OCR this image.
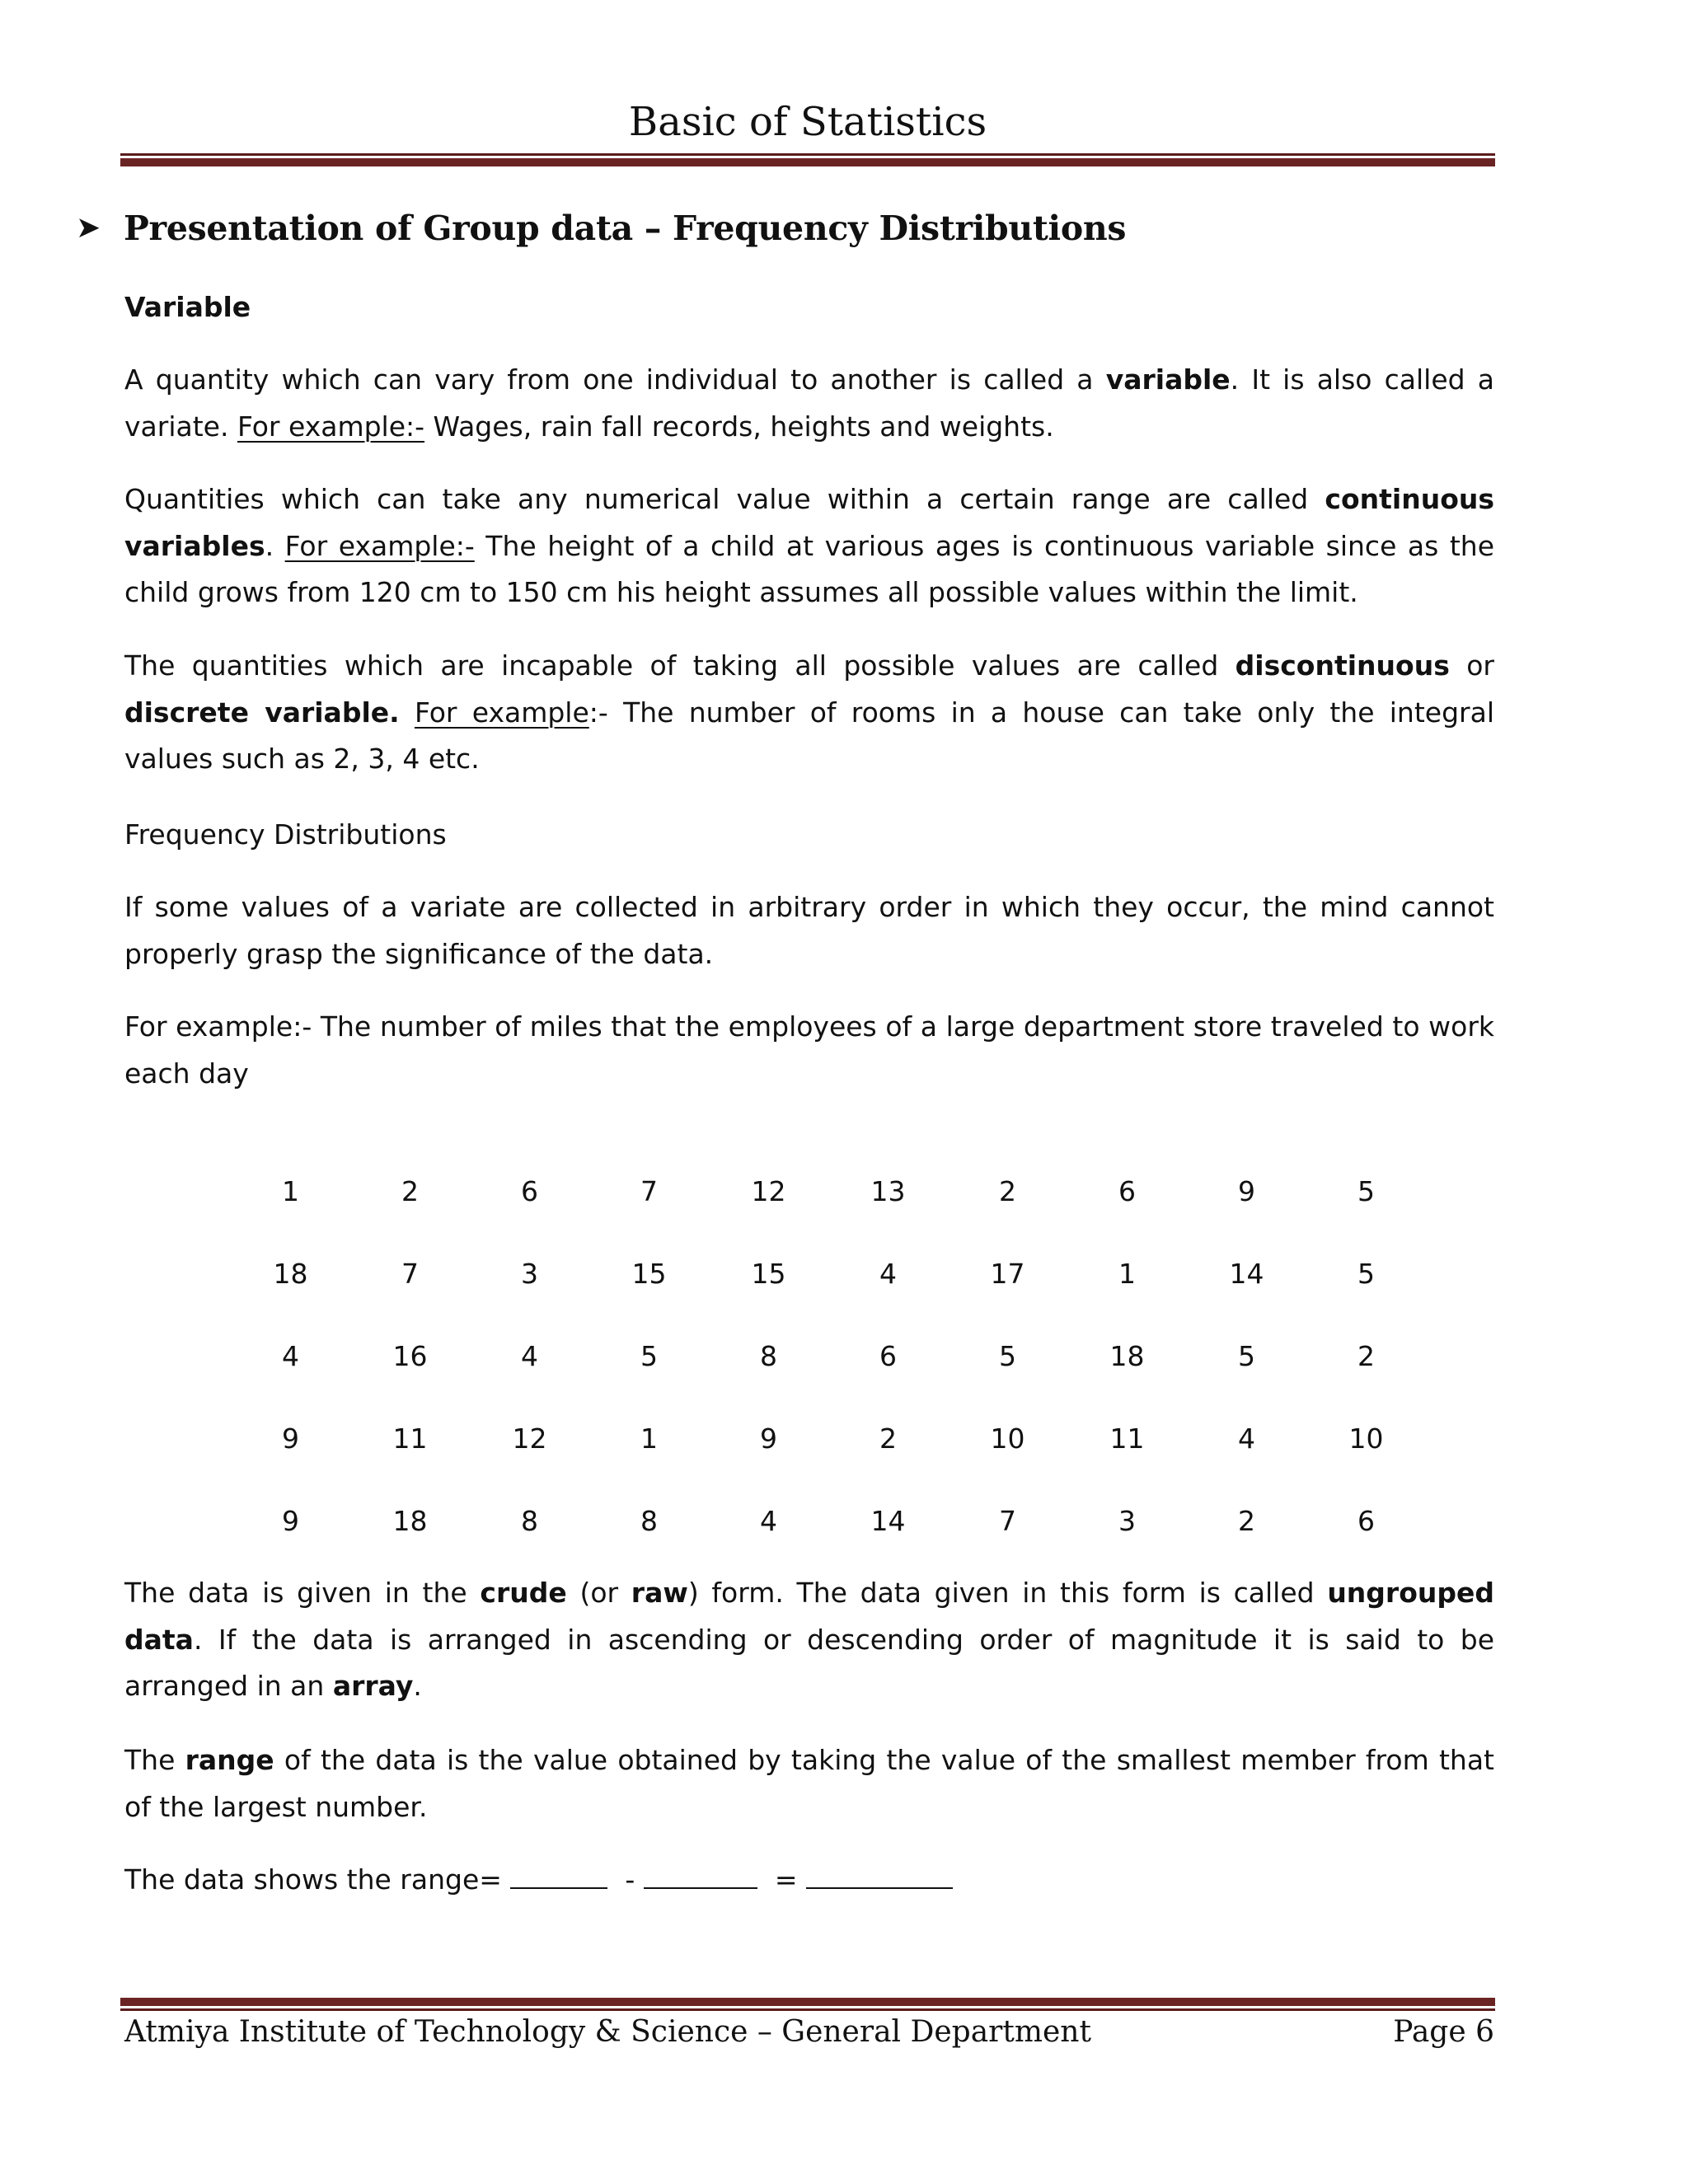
Basic of Statistics
➤ Presentation of Group data – Frequency Distributions
Variable

A quantity which can vary from one individual to another is called a variable. It is also called a variate. For example:- Wages, rain fall records, heights and weights.

Quantities which can take any numerical value within a certain range are called continuous variables. For example:- The height of a child at various ages is continuous variable since as the child grows from 120 cm to 150 cm his height assumes all possible values within the limit.

The quantities which are incapable of taking all possible values are called discontinuous or discrete variable. For example:- The number of rooms in a house can take only the integral values such as 2, 3, 4 etc.

Frequency Distributions

If some values of a variate are collected in arbitrary order in which they occur, the mind cannot properly grasp the significance of the data.

For example:- The number of miles that the employees of a large department store traveled to work each day

1	2	6	7	12	13	2	6	9	5
18	7	3	15	15	4	17	1	14	5
4	16	4	5	8	6	5	18	5	2
9	11	12	1	9	2	10	11	4	10
9	18	8	8	4	14	7	3	2	6

The data is given in the crude (or raw) form. The data given in this form is called ungrouped data. If the data is arranged in ascending or descending order of magnitude it is said to be arranged in an array.

The range of the data is the value obtained by taking the value of the smallest member from that of the largest number.

The data shows the range=	-	=

Atmiya Institute of Technology & Science – General Department	Page 6
